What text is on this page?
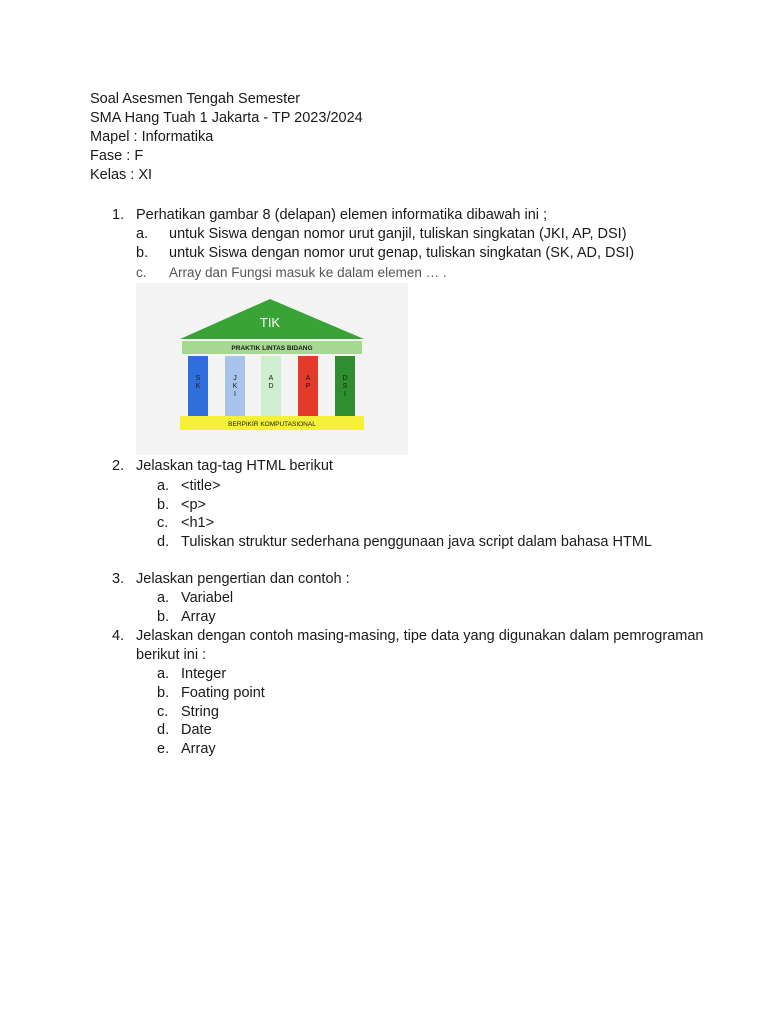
Soal Asesmen Tengah Semester
SMA Hang Tuah 1 Jakarta - TP 2023/2024
Mapel : Informatika
Fase : F
Kelas : XI
1. Perhatikan gambar 8 (delapan) elemen informatika dibawah ini ;
a. untuk Siswa dengan nomor urut ganjil, tuliskan singkatan (JKI, AP, DSI)
b. untuk Siswa dengan nomor urut genap, tuliskan singkatan (SK, AD, DSI)
c. Array dan Fungsi masuk ke dalam elemen … .
TIK
PRAKTIK LINTAS BIDANG
S
K
J
K
I
A
D
A
P
D
S
I
BERPIKIR KOMPUTASIONAL
2. Jelaskan tag-tag HTML berikut
a. <title>
b. <p>
c. <h1>
d. Tuliskan struktur sederhana penggunaan java script dalam bahasa HTML
3. Jelaskan pengertian dan contoh :
a. Variabel
b. Array
4. Jelaskan dengan contoh masing-masing, tipe data yang digunakan dalam pemrograman
berikut ini :
a. Integer
b. Foating point
c. String
d. Date
e. Array
